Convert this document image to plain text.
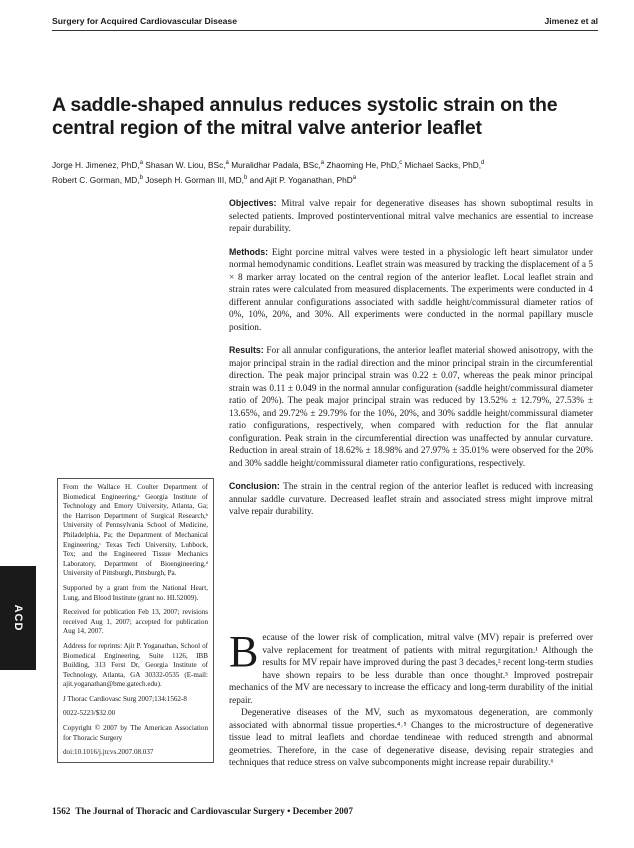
Surgery for Acquired Cardiovascular Disease	Jimenez et al
A saddle-shaped annulus reduces systolic strain on the central region of the mitral valve anterior leaflet

Jorge H. Jimenez, PhD,$^a$ Shasan W. Liou, BSc,$^a$ Muralidhar Padala, BSc,$^a$ Zhaoming He, PhD,$^c$ Michael Sacks, PhD,$^d$
Robert C. Gorman, MD,$^b$ Joseph H. Gorman III, MD,$^b$ and Ajit P. Yoganathan, PhD$^a$

Objectives: Mitral valve repair for degenerative diseases has shown suboptimal results in selected patients. Improved postinterventional mitral valve mechanics are essential to increase repair durability.

Methods: Eight porcine mitral valves were tested in a physiologic left heart simulator under normal hemodynamic conditions. Leaflet strain was measured by tracking the displacement of a 5 × 8 marker array located on the central region of the anterior leaflet. Local leaflet strain and strain rates were calculated from measured displacements. The experiments were conducted in 4 different annular configurations associated with saddle height/commissural diameter ratios of 0%, 10%, 20%, and 30%. All experiments were conducted in the normal papillary muscle position.

Results: For all annular configurations, the anterior leaflet material showed anisotropy, with the major principal strain in the radial direction and the minor principal strain in the circumferential direction. The peak major principal strain was 0.22 ± 0.07, whereas the peak minor principal strain was 0.11 ± 0.049 in the normal annular configuration (saddle height/commissural diameter ratio of 20%). The peak major principal strain was reduced by 13.52% ± 12.79%, 27.53% ± 13.65%, and 29.72% ± 29.79% for the 10%, 20%, and 30% saddle height/commissural diameter ratio configurations, respectively, when compared with reduction for the flat annular configuration. Peak strain in the circumferential direction was unaffected by annular curvature. Reduction in areal strain of 18.62% ± 18.98% and 27.97% ± 35.01% were observed for the 20% and 30% saddle height/commissural diameter ratio configurations, respectively.

Conclusion: The strain in the central region of the anterior leaflet is reduced with increasing annular saddle curvature. Decreased leaflet strain and associated stress might improve mitral valve repair durability.

From the Wallace H. Coulter Department of Biomedical Engineering,ᵃ Georgia Institute of Technology and Emory University, Atlanta, Ga; the Harrison Department of Surgical Research,ᵇ University of Pennsylvania School of Medicine, Philadelphia, Pa; the Department of Mechanical Engineering,ᶜ Texas Tech University, Lubbock, Tex; and the Engineered Tissue Mechanics Laboratory, Department of Bioengineering,ᵈ University of Pittsburgh, Pittsburgh, Pa.

Supported by a grant from the National Heart, Lung, and Blood Institute (grant no. HL52009).

Received for publication Feb 13, 2007; revisions received Aug 1, 2007; accepted for publication Aug 14, 2007.

Address for reprints: Ajit P. Yoganathan, School of Biomedical Engineering, Suite 1126, IBB Building, 313 Ferst Dr, Georgia Institute of Technology, Atlanta, GA 30332-0535 (E-mail: ajit.yoganathan@bme.gatech.edu).

J Thorac Cardiovasc Surg 2007;134:1562-8

0022-5223/$32.00

Copyright © 2007 by The American Association for Thoracic Surgery

doi:10.1016/j.jtcvs.2007.08.037

ACD

Because of the lower risk of complication, mitral valve (MV) repair is preferred over valve replacement for treatment of patients with mitral regurgitation.¹ Although the results for MV repair have improved during the past 3 decades,² recent long-term studies have shown repairs to be less durable than once thought.³ Improved postrepair mechanics of the MV are necessary to increase the efficacy and long-term durability of the initial repair.

Degenerative diseases of the MV, such as myxomatous degeneration, are commonly associated with abnormal tissue properties.⁴˒⁵ Changes to the microstructure of degenerative tissue lead to mitral leaflets and chordae tendineae with reduced strength and abnormal geometries. Therefore, in the case of degenerative disease, devising repair strategies and techniques that reduce stress on valve subcomponents might increase repair durability.⁶

1562 The Journal of Thoracic and Cardiovascular Surgery • December 2007
